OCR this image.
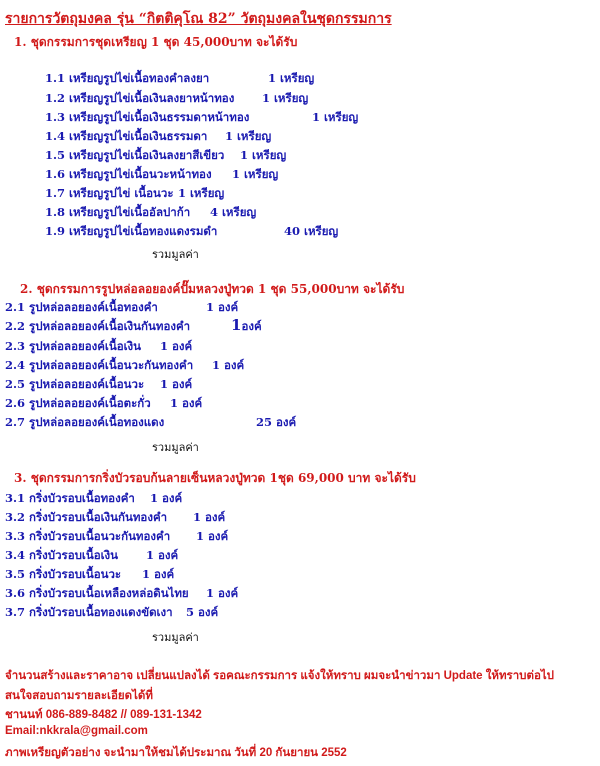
รายการวัตถุมงคล รุ่น “กิตติคุโณ 82” วัตถุมงคลในชุดกรรมการ
1. ชุดกรรมการชุดเหรียญ 1 ชุด 45,000บาท จะได้รับ
1.1 เหรียญรูปไข่เนื้อทองคำลงยา	1 เหรียญ
1.2 เหรียญรูปไข่เนื้อเงินลงยาหน้าทอง 1 เหรียญ
1.3 เหรียญรูปไข่เนื้อเงินธรรมดาหน้าทอง	1 เหรียญ
1.4 เหรียญรูปไข่เนื้อเงินธรรมดา 1 เหรียญ
1.5 เหรียญรูปไข่เนื้อเงินลงยาสีเขียว 1 เหรียญ
1.6 เหรียญรูปไข่เนื้อนวะหน้าทอง 1 เหรียญ
1.7 เหรียญรูปไข่ เนื้อนวะ 1 เหรียญ
1.8 เหรียญรูปไข่เนื้ออัลปาก้า 4 เหรียญ
1.9 เหรียญรูปไข่เนื้อทองแดงรมดำ	40 เหรียญ
รวมมูลค่า
2. ชุดกรรมการรูปหล่อลอยองค์ปั๊มหลวงปู่ทวด 1 ชุด 55,000บาท จะได้รับ
2.1 รูปหล่อลอยองค์เนื้อทองคำ	1 องค์
2.2 รูปหล่อลอยองค์เนื้อเงินกันทองคำ	1องค์
2.3 รูปหล่อลอยองค์เนื้อเงิน 1 องค์
2.4 รูปหล่อลอยองค์เนื้อนวะกันทองคำ 1 องค์
2.5 รูปหล่อลอยองค์เนื้อนวะ 1 องค์
2.6 รูปหล่อลอยองค์เนื้อตะกั่ว 1 องค์
2.7 รูปหล่อลอยองค์เนื้อทองแดง	25 องค์
รวมมูลค่า
3. ชุดกรรมการกริ่งบัวรอบก้นลายเซ็นหลวงปู่ทวด 1ชุด 69,000 บาท จะได้รับ
3.1 กริ่งบัวรอบเนื้อทองคำ 1 องค์
3.2 กริ่งบัวรอบเนื้อเงินกันทองคำ 1 องค์
3.3 กริ่งบัวรอบเนื้อนวะกันทองคำ 1 องค์
3.4 กริ่งบัวรอบเนื้อเงิน 1 องค์
3.5 กริ่งบัวรอบเนื้อนวะ 1 องค์
3.6 กริ่งบัวรอบเนื้อเหลืองหล่อดินไทย 1 องค์
3.7 กริ่งบัวรอบเนื้อทองแดงขัดเงา 5 องค์
รวมมูลค่า
จำนวนสร้างและราคาอาจ เปลี่ยนแปลงได้ รอคณะกรรมการ แจ้งให้ทราบ ผมจะนำข่าวมา Update ให้ทราบต่อไป
สนใจสอบถามรายละเอียดได้ที่
ชานนท์ 086-889-8482 // 089-131-1342
Email:nkkrala@gmail.com
ภาพเหรียญตัวอย่าง จะนำมาให้ชมได้ประมาณ วันที่ 20 กันยายน 2552
